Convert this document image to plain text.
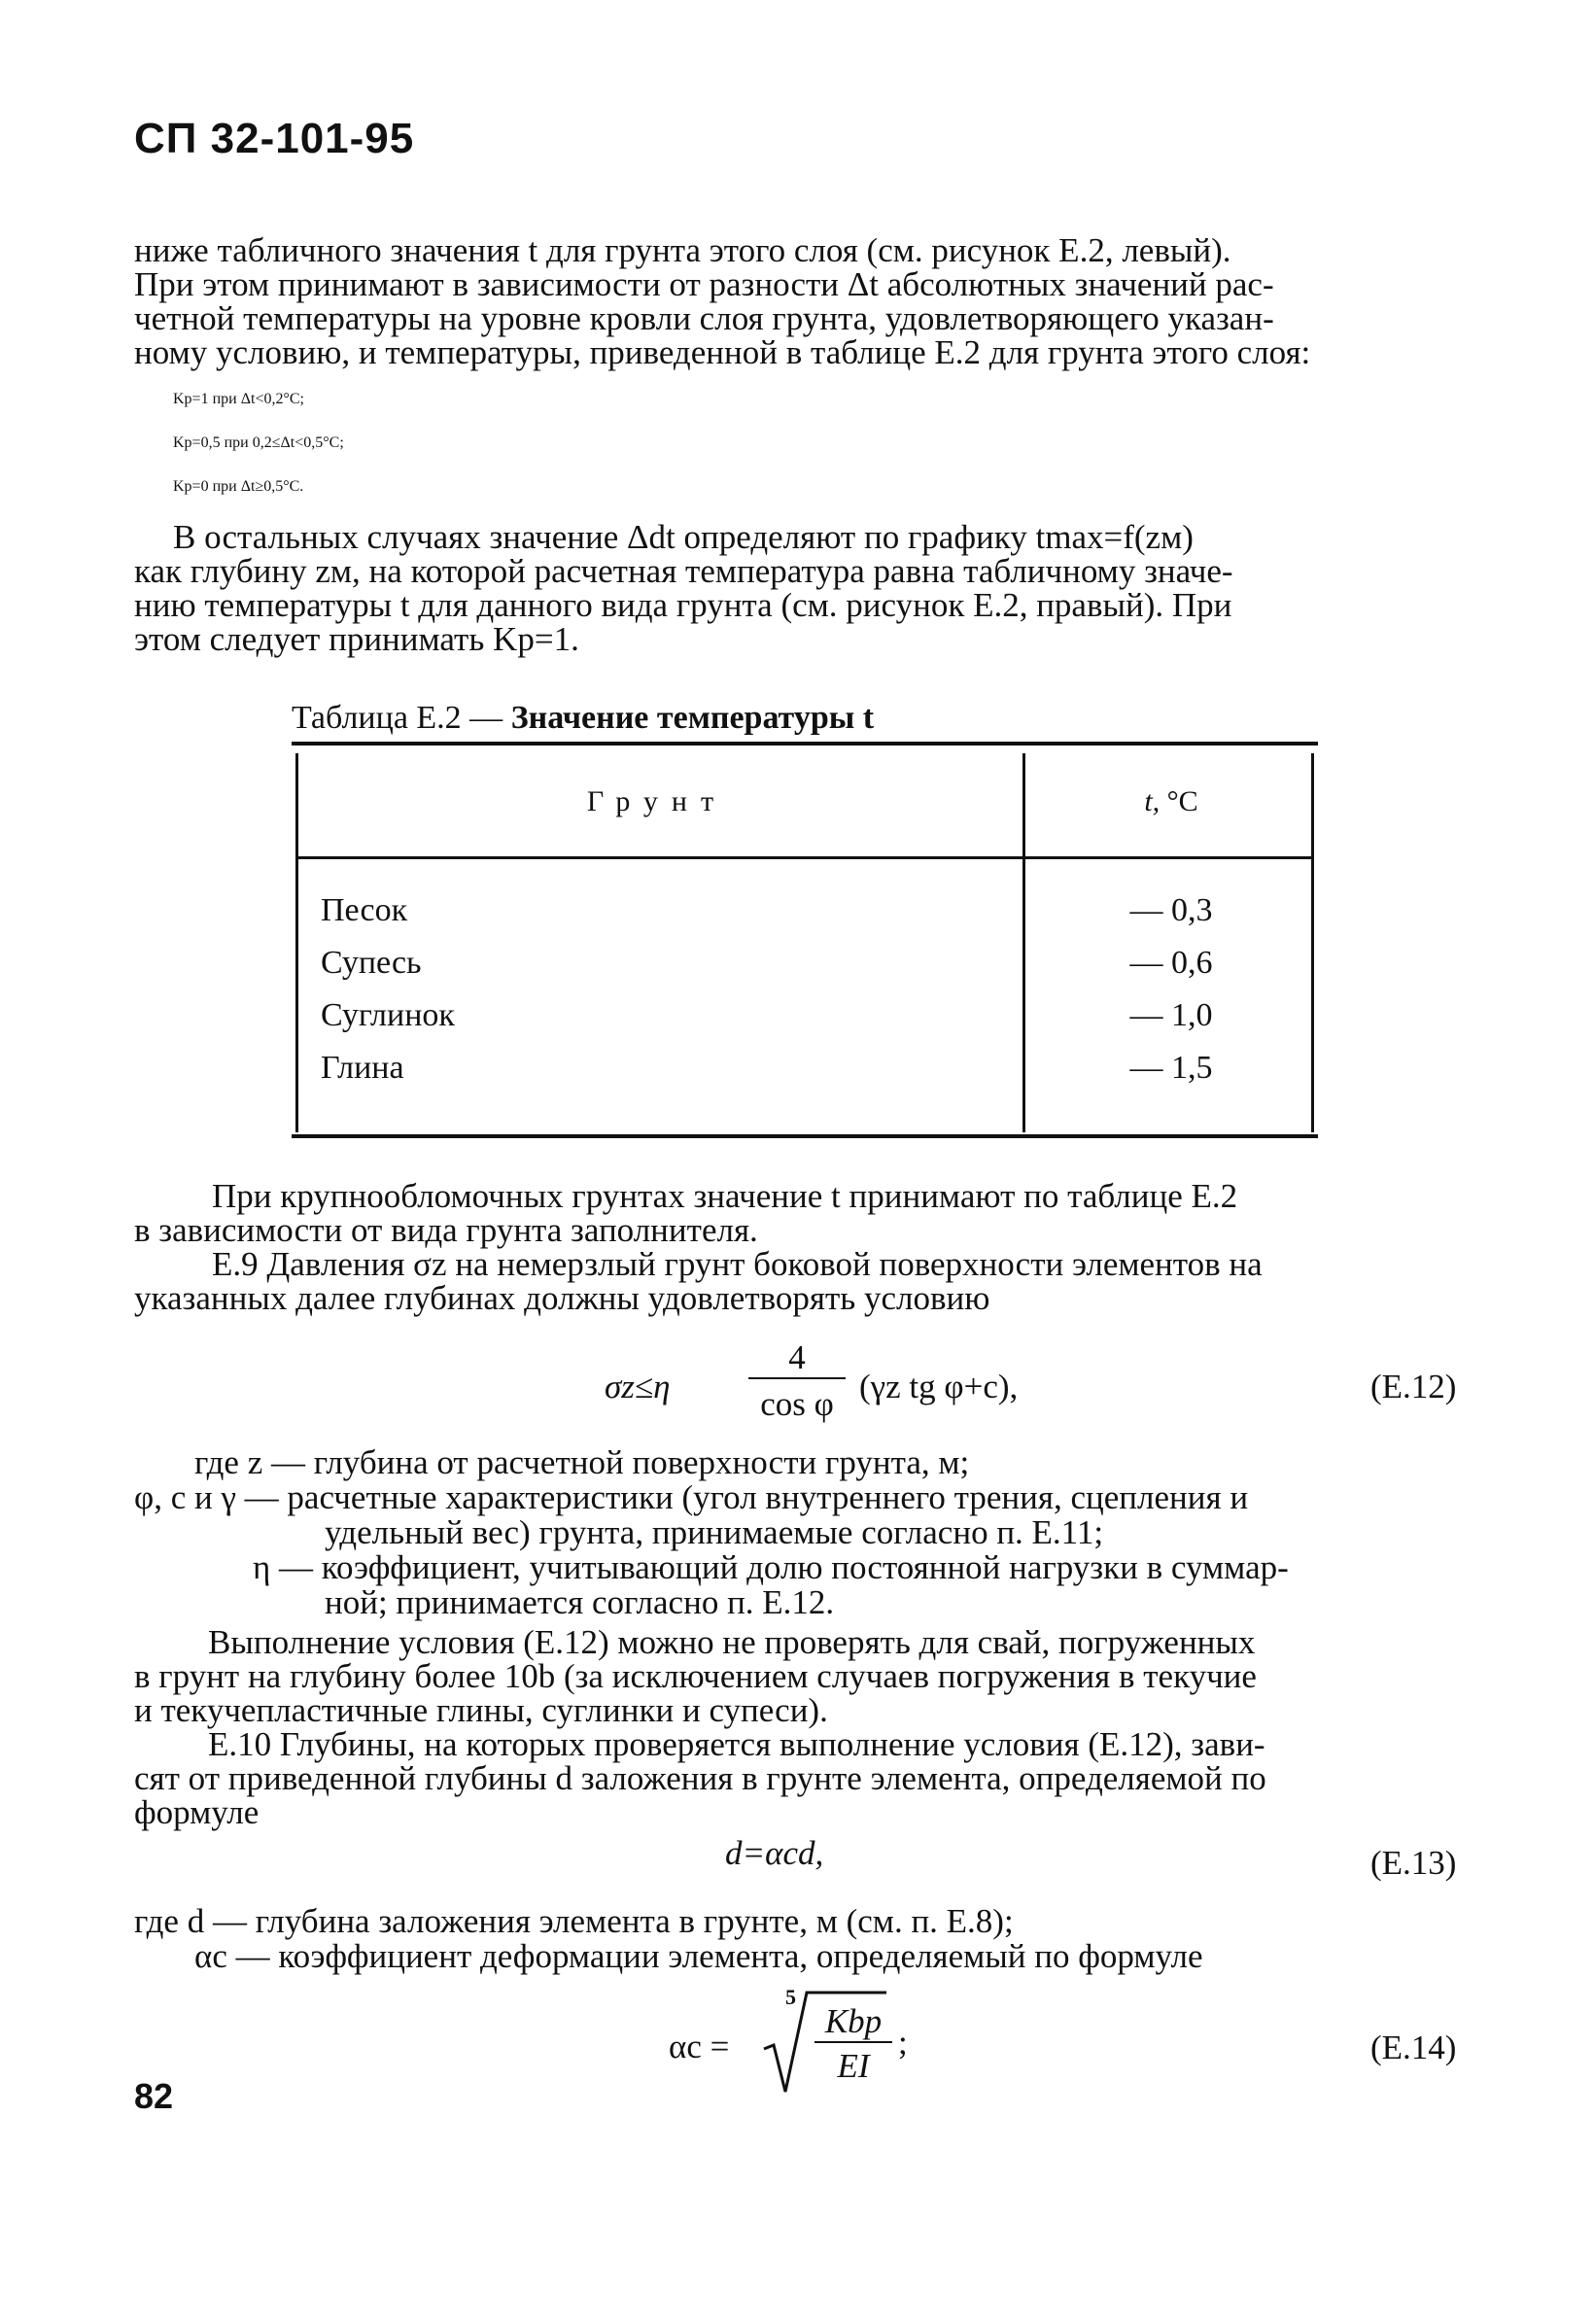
СП 32-101-95

ниже табличного значения t для грунта этого слоя (см. рисунок Е.2, левый).

При этом принимают в зависимости от разности Δt абсолютных значений рас-

четной температуры на уровне кровли слоя грунта, удовлетворяющего указан-

ному условию, и температуры, приведенной в таблице Е.2 для грунта этого слоя:

Kр=1 при Δt<0,2°С;
Kр=0,5 при 0,2≤Δt<0,5°С;
Kр=0 при Δt≥0,5°С.

В остальных случаях значение Δdt определяют по графику tmax=f(zм)

как глубину zм, на которой расчетная температура равна табличному значе-

нию температуры t для данного вида грунта (см. рисунок Е.2, правый). При

этом следует принимать Kр=1.

Таблица Е.2 — Значение температуры t
Грунт	t, °С
Песок	— 0,3
Супесь	— 0,6
Суглинок	— 1,0
Глина	— 1,5

При крупнообломочных грунтах значение t принимают по таблице Е.2

в зависимости от вида грунта заполнителя.

Е.9 Давления σz на немерзлый грунт боковой поверхности элементов на

указанных далее глубинах должны удовлетворять условию

σz≤η
4
cos φ (γz tg φ+c),	(Е.12)
где z — глубина от расчетной поверхности грунта, м;
φ, c и γ — расчетные характеристики (угол внутреннего трения, сцепления и
удельный вес) грунта, принимаемые согласно п. Е.11;
η — коэффициент, учитывающий долю постоянной нагрузки в суммар-
ной; принимается согласно п. Е.12.

Выполнение условия (Е.12) можно не проверять для свай, погруженных

в грунт на глубину более 10b (за исключением случаев погружения в текучие

и текучепластичные глины, суглинки и супеси).

Е.10 Глубины, на которых проверяется выполнение условия (Е.12), зави-

сят от приведенной глубины d заложения в грунте элемента, определяемой по

формуле

d=αсd,	(Е.13)
где d — глубина заложения элемента в грунте, м (см. п. Е.8);
αс — коэффициент деформации элемента, определяемый по формуле
αс =
5
Kbр
EI
;	(Е.14)
82
